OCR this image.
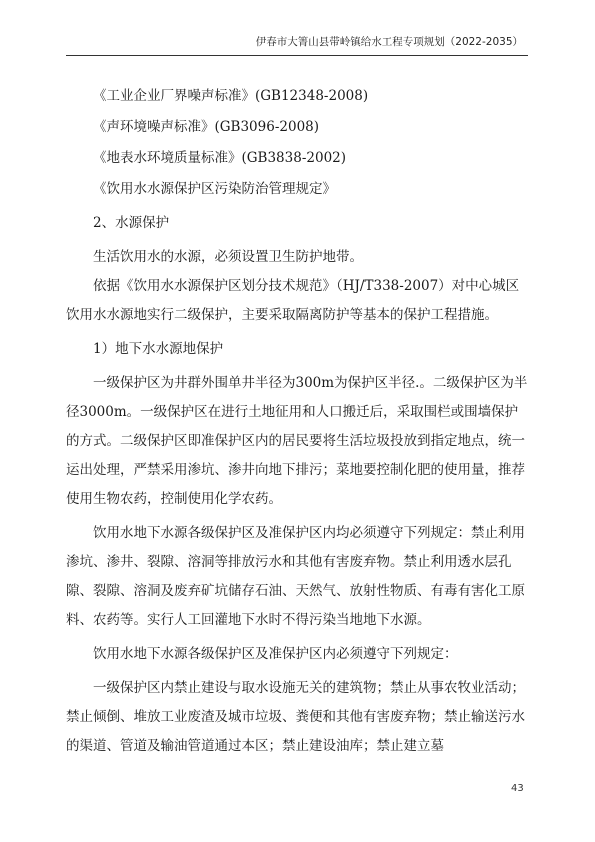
伊春市大箐山县带岭镇给水工程专项规划（2022-2035）

《工业企业厂界噪声标准》(GB12348-2008)

《声环境噪声标准》(GB3096-2008)

《地表水环境质量标准》(GB3838-2002)

《饮用水水源保护区污染防治管理规定》

2、水源保护

生活饮用水的水源，必须设置卫生防护地带。

依据《饮用水水源保护区划分技术规范》（HJ/T338-2007）对中心城区饮用水水源地实行二级保护，主要采取隔离防护等基本的保护工程措施。

1）地下水水源地保护

一级保护区为井群外围单井半径为300m为保护区半径.。二级保护区为半径3000m。一级保护区在进行土地征用和人口搬迁后，采取围栏或围墙保护的方式。二级保护区即准保护区内的居民要将生活垃圾投放到指定地点，统一运出处理，严禁采用渗坑、渗井向地下排污；菜地要控制化肥的使用量，推荐使用生物农药，控制使用化学农药。

饮用水地下水源各级保护区及准保护区内均必须遵守下列规定：禁止利用渗坑、渗井、裂隙、溶洞等排放污水和其他有害废弃物。禁止利用透水层孔隙、裂隙、溶洞及废弃矿坑储存石油、天然气、放射性物质、有毒有害化工原料、农药等。实行人工回灌地下水时不得污染当地地下水源。

饮用水地下水源各级保护区及准保护区内必须遵守下列规定：

一级保护区内禁止建设与取水设施无关的建筑物；禁止从事农牧业活动；禁止倾倒、堆放工业废渣及城市垃圾、粪便和其他有害废弃物；禁止输送污水的渠道、管道及输油管道通过本区；禁止建设油库；禁止建立墓

43
